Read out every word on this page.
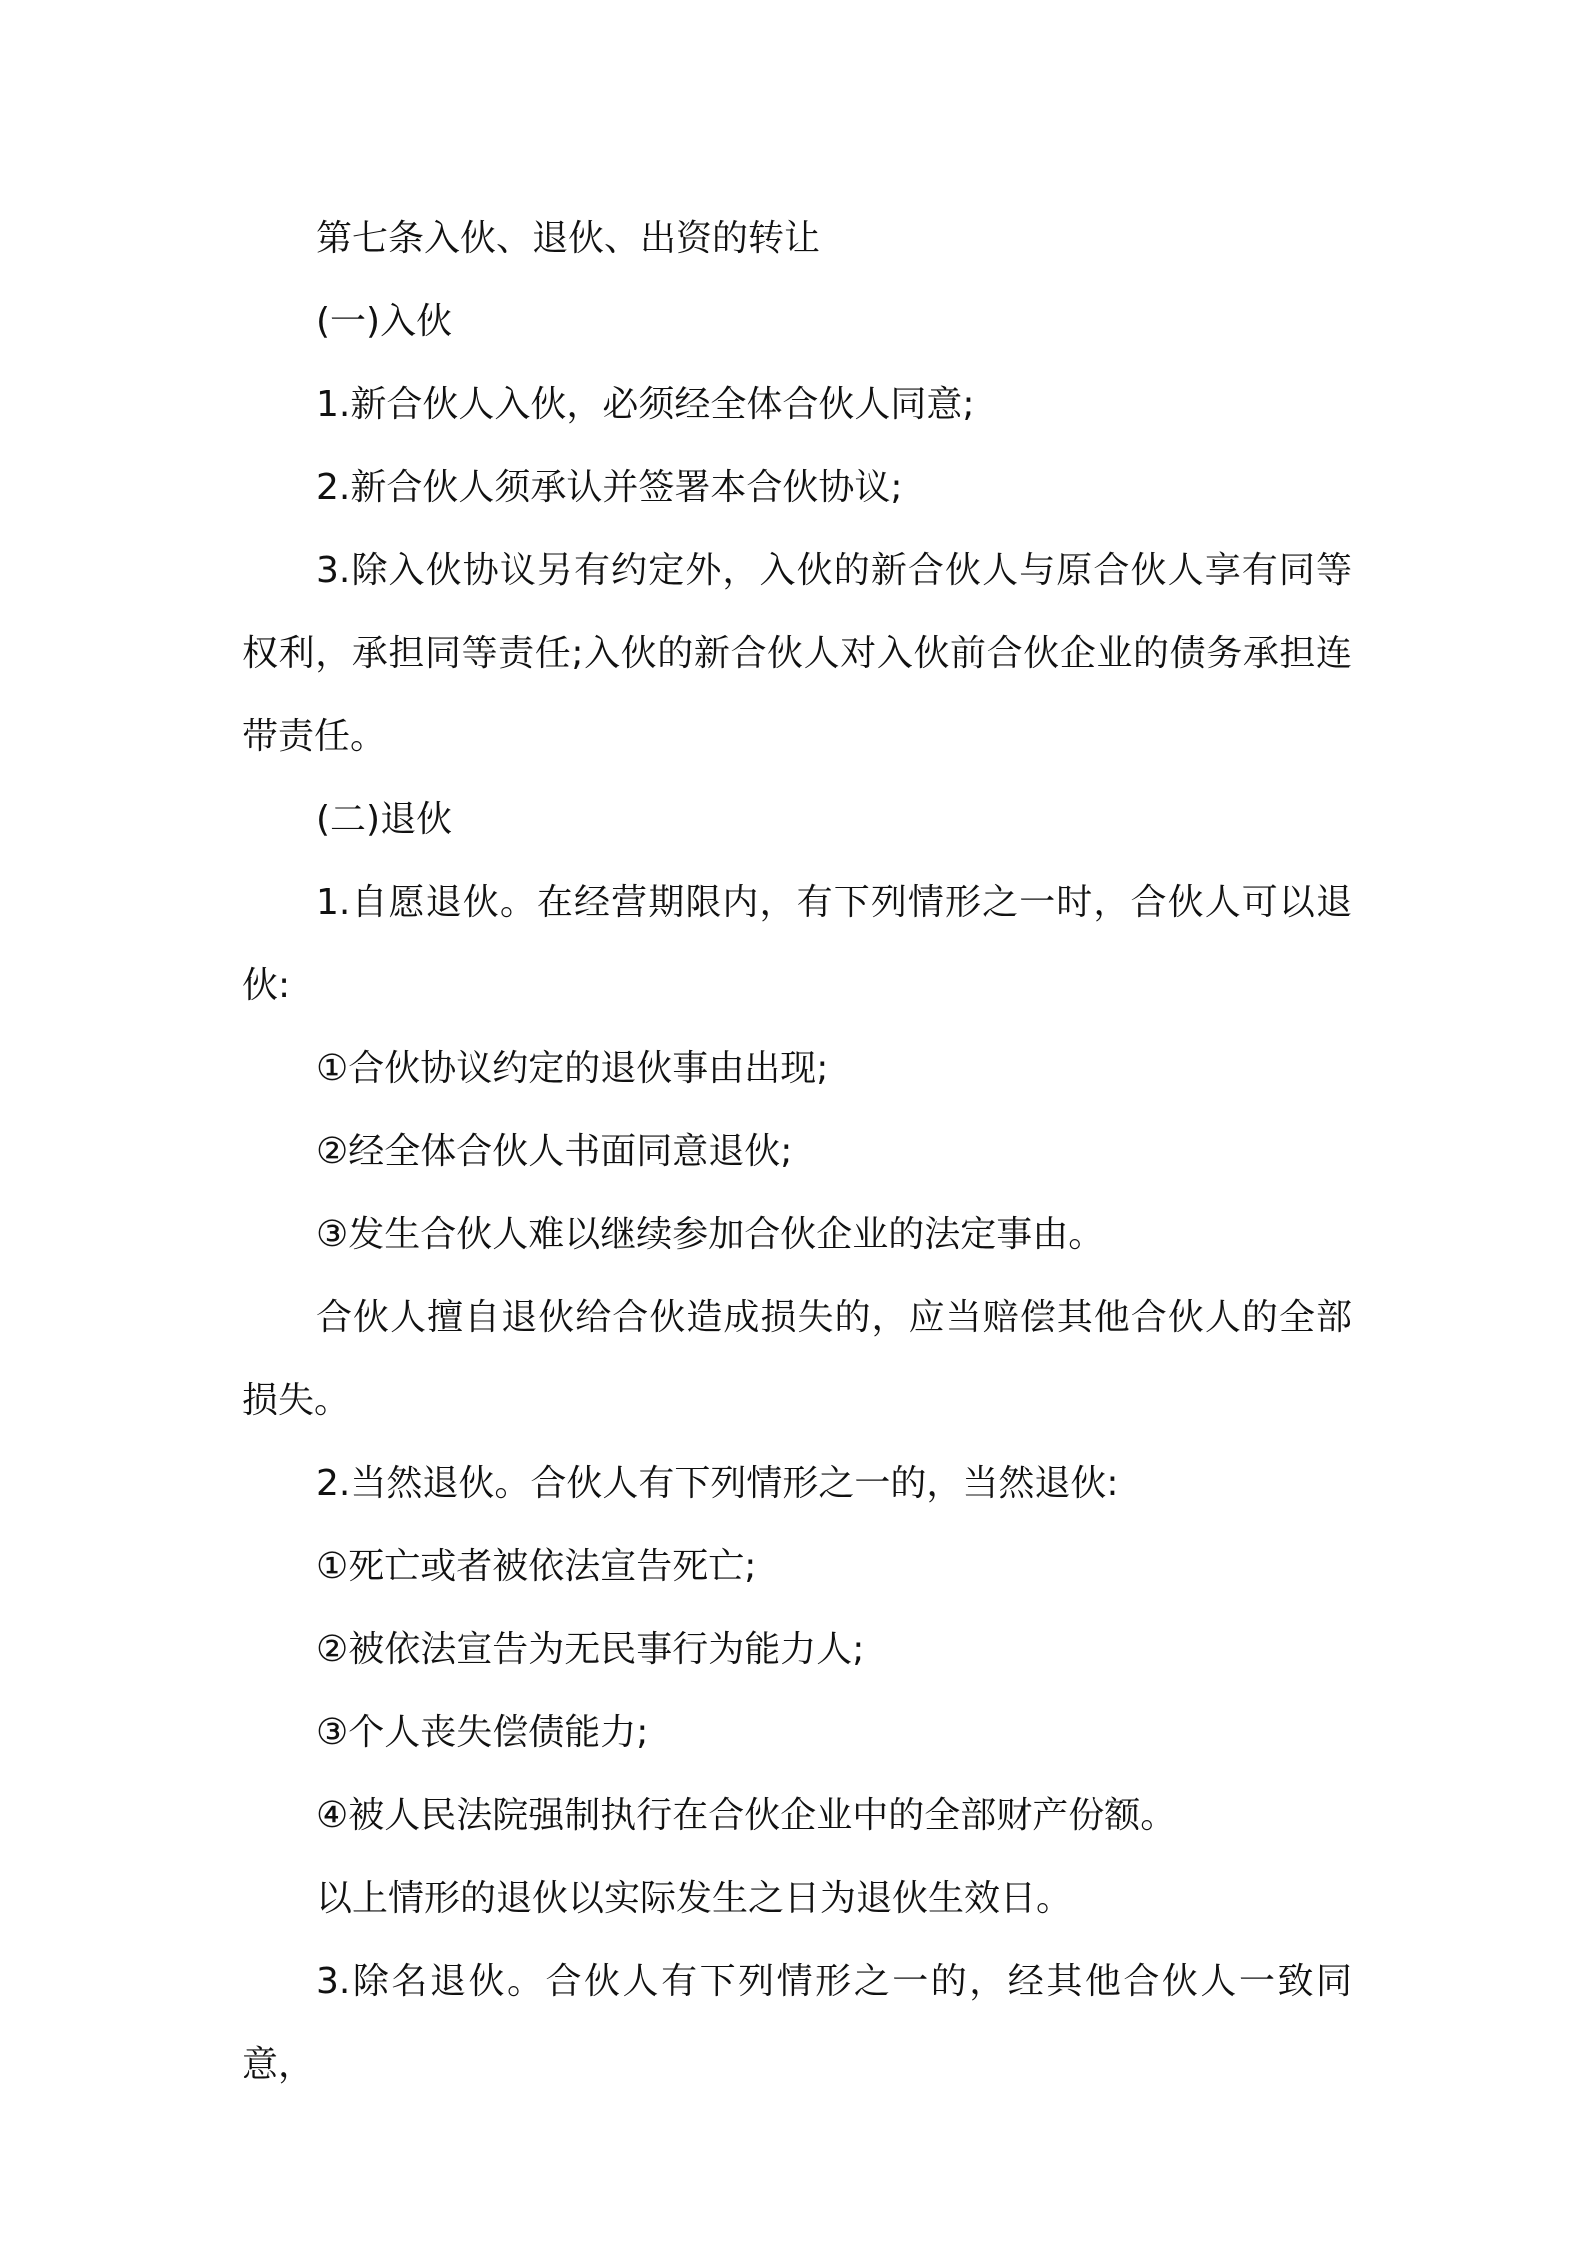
第七条入伙、退伙、出资的转让

(一)入伙

1.新合伙人入伙，必须经全体合伙人同意;

2.新合伙人须承认并签署本合伙协议;

3.除入伙协议另有约定外，入伙的新合伙人与原合伙人享有同等权利，承担同等责任;入伙的新合伙人对入伙前合伙企业的债务承担连带责任。

(二)退伙

1.自愿退伙。在经营期限内，有下列情形之一时，合伙人可以退伙:

①合伙协议约定的退伙事由出现;

②经全体合伙人书面同意退伙;

③发生合伙人难以继续参加合伙企业的法定事由。

合伙人擅自退伙给合伙造成损失的，应当赔偿其他合伙人的全部损失。

2.当然退伙。合伙人有下列情形之一的，当然退伙:

①死亡或者被依法宣告死亡;

②被依法宣告为无民事行为能力人;

③个人丧失偿债能力;

④被人民法院强制执行在合伙企业中的全部财产份额。

以上情形的退伙以实际发生之日为退伙生效日。

3.除名退伙。合伙人有下列情形之一的，经其他合伙人一致同意，
